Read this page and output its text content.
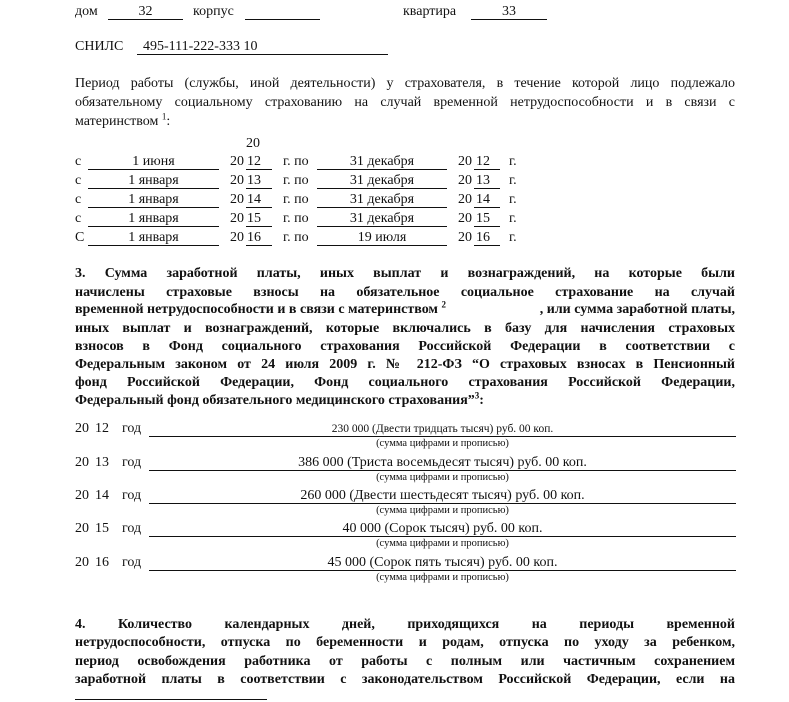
дом	32	корпус	квартира	33
СНИЛС 495-111-222-333 10
Период работы (службы, иной деятельности) у страхователя, в течение которой лицо подлежало
обязательному социальному страхованию на случай временной нетрудоспособности и в связи с
материнством $^1$:
20
с	1 июня	20 12 г. по	31 декабря	20 12 г.
с	1 января	20 13 г. по	31 декабря	20 13 г.
с	1 января	20 14 г. по	31 декабря	20 14 г.
с	1 января	20 15 г. по	31 декабря	20 15 г.
С	1 января	20 16 г. по	19 июля	20 16 г.
3. Сумма заработной платы, иных выплат и вознаграждений, на которые были
начислены страховые взносы на обязательное социальное страхование на случай
временной нетрудоспособности и в связи с материнством $^2$	, или сумма заработной платы,
иных выплат и вознаграждений, которые включались в базу для начисления страховых
взносов в Фонд социального страхования Российской Федерации в соответствии с
Федеральным законом от 24 июля 2009 г. № 212-ФЗ “О страховых взносах в Пенсионный
фонд Российской Федерации, Фонд социального страхования Российской Федерации,
Федеральный фонд обязательного медицинского страхования”$^3$:
20 12 год	230 000 (Двести тридцать тысяч) руб. 00 коп.
(сумма цифрами и прописью)
20 13 год	386 000 (Триста восемьдесят тысяч) руб. 00 коп.
(сумма цифрами и прописью)
20 14 год	260 000 (Двести шестьдесят тысяч) руб. 00 коп.
(сумма цифрами и прописью)
20 15 год	40 000 (Сорок тысяч) руб. 00 коп.
(сумма цифрами и прописью)
20 16 год	45 000 (Сорок пять тысяч) руб. 00 коп.
(сумма цифрами и прописью)
4. Количество календарных дней, приходящихся на периоды временной
нетрудоспособности, отпуска по беременности и родам, отпуска по уходу за ребенком,
период освобождения работника от работы с полным или частичным сохранением
заработной платы в соответствии с законодательством Российской Федерации, если на
